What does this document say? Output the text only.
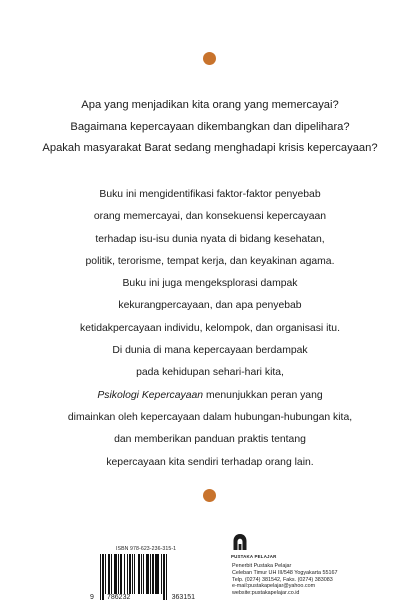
Apa yang menjadikan kita orang yang memercayai?
Bagaimana kepercayaan dikembangkan dan dipelihara?
Apakah masyarakat Barat sedang menghadapi krisis kepercayaan?
Buku ini mengidentifikasi faktor-faktor penyebab
orang memercayai, dan konsekuensi kepercayaan
terhadap isu-isu dunia nyata di bidang kesehatan,
politik, terorisme, tempat kerja, dan keyakinan agama.
Buku ini juga mengeksplorasi dampak
kekurangpercayaan, dan apa penyebab
ketidakpercayaan individu, kelompok, dan organisasi itu.
Di dunia di mana kepercayaan berdampak
pada kehidupan sehari-hari kita,
Psikologi Kepercayaan menunjukkan peran yang
dimainkan oleh kepercayaan dalam hubungan-hubungan kita,
dan memberikan panduan praktis tentang
kepercayaan kita sendiri terhadap orang lain.
ISBN 978-623-236-315-1
9	786232	363151
PUSTAKA PELAJAR
Penerbit Pustaka Pelajar
Celeban Timur UH III/548 Yogyakarta 55167
Telp. (0274) 381542, Faks. (0274) 383083
e-mail:pustakapelajar@yahoo.com
website:pustakapelajar.co.id
